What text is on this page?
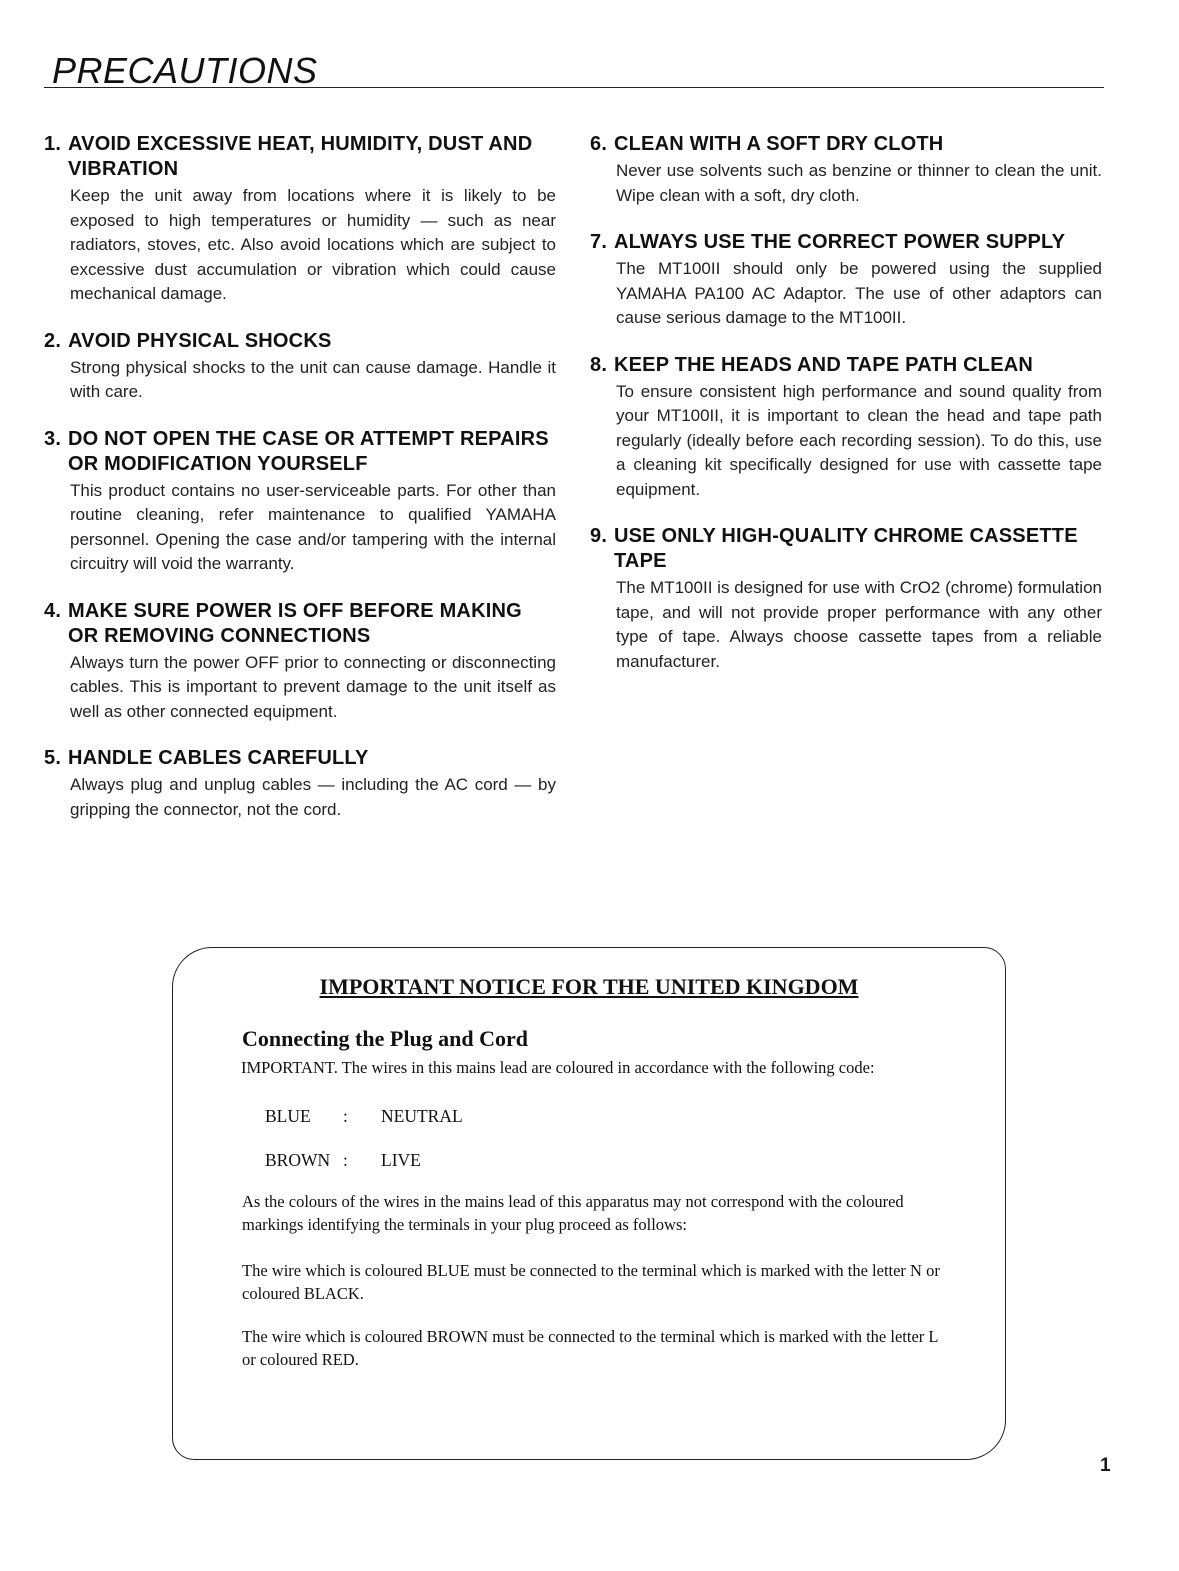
PRECAUTIONS
1. AVOID EXCESSIVE HEAT, HUMIDITY, DUST AND VIBRATION
Keep the unit away from locations where it is likely to be exposed to high temperatures or humidity — such as near radiators, stoves, etc. Also avoid locations which are subject to excessive dust accumulation or vibration which could cause mechanical damage.
2. AVOID PHYSICAL SHOCKS
Strong physical shocks to the unit can cause damage. Handle it with care.
3. DO NOT OPEN THE CASE OR ATTEMPT REPAIRS OR MODIFICATION YOURSELF
This product contains no user-serviceable parts. For other than routine cleaning, refer maintenance to qualified YAMAHA personnel. Opening the case and/or tampering with the internal circuitry will void the warranty.
4. MAKE SURE POWER IS OFF BEFORE MAKING OR REMOVING CONNECTIONS
Always turn the power OFF prior to connecting or disconnecting cables. This is important to prevent damage to the unit itself as well as other connected equipment.
5. HANDLE CABLES CAREFULLY
Always plug and unplug cables — including the AC cord — by gripping the connector, not the cord.
6. CLEAN WITH A SOFT DRY CLOTH
Never use solvents such as benzine or thinner to clean the unit. Wipe clean with a soft, dry cloth.
7. ALWAYS USE THE CORRECT POWER SUPPLY
The MT100II should only be powered using the supplied YAMAHA PA100 AC Adaptor. The use of other adaptors can cause serious damage to the MT100II.
8. KEEP THE HEADS AND TAPE PATH CLEAN
To ensure consistent high performance and sound quality from your MT100II, it is important to clean the head and tape path regularly (ideally before each recording session). To do this, use a cleaning kit specifically designed for use with cassette tape equipment.
9. USE ONLY HIGH-QUALITY CHROME CASSETTE TAPE
The MT100II is designed for use with CrO2 (chrome) formulation tape, and will not provide proper performance with any other type of tape. Always choose cassette tapes from a reliable manufacturer.
IMPORTANT NOTICE FOR THE UNITED KINGDOM
Connecting the Plug and Cord
IMPORTANT. The wires in this mains lead are coloured in accordance with the following code:
BLUE	:	NEUTRAL
BROWN :	LIVE
As the colours of the wires in the mains lead of this apparatus may not correspond with the coloured markings identifying the terminals in your plug proceed as follows:
The wire which is coloured BLUE must be connected to the terminal which is marked with the letter N or coloured BLACK.
The wire which is coloured BROWN must be connected to the terminal which is marked with the letter L or coloured RED.
1
